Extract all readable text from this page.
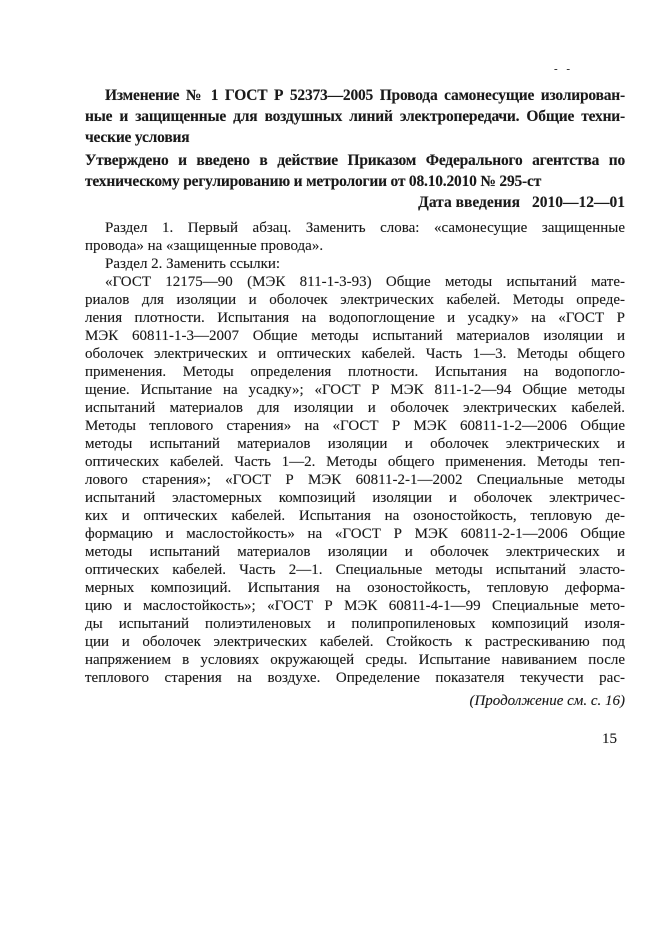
- -
Изменение № 1 ГОСТ Р 52373—2005 Провода самонесущие изолирован-
ные и защищенные для воздушных линий электропередачи. Общие техни-
ческие условия
Утверждено и введено в действие Приказом Федерального агентства по
техническому регулированию и метрологии от 08.10.2010 № 295-ст
Дата введения 2010—12—01
Раздел 1. Первый абзац. Заменить слова: «самонесущие защищенные
провода» на «защищенные провода».
Раздел 2. Заменить ссылки:
«ГОСТ 12175—90 (МЭК 811-1-3-93) Общие методы испытаний мате-
риалов для изоляции и оболочек электрических кабелей. Методы опреде-
ления плотности. Испытания на водопоглощение и усадку» на «ГОСТ Р
МЭК 60811-1-3—2007 Общие методы испытаний материалов изоляции и
оболочек электрических и оптических кабелей. Часть 1—3. Методы общего
применения. Методы определения плотности. Испытания на водопогло-
щение. Испытание на усадку»; «ГОСТ Р МЭК 811-1-2—94 Общие методы
испытаний материалов для изоляции и оболочек электрических кабелей.
Методы теплового старения» на «ГОСТ Р МЭК 60811-1-2—2006 Общие
методы испытаний материалов изоляции и оболочек электрических и
оптических кабелей. Часть 1—2. Методы общего применения. Методы теп-
лового старения»; «ГОСТ Р МЭК 60811-2-1—2002 Специальные методы
испытаний эластомерных композиций изоляции и оболочек электричес-
ких и оптических кабелей. Испытания на озоностойкость, тепловую де-
формацию и маслостойкость» на «ГОСТ Р МЭК 60811-2-1—2006 Общие
методы испытаний материалов изоляции и оболочек электрических и
оптических кабелей. Часть 2—1. Специальные методы испытаний эласто-
мерных композиций. Испытания на озоностойкость, тепловую деформа-
цию и маслостойкость»; «ГОСТ Р МЭК 60811-4-1—99 Специальные мето-
ды испытаний полиэтиленовых и полипропиленовых композиций изоля-
ции и оболочек электрических кабелей. Стойкость к растрескиванию под
напряжением в условиях окружающей среды. Испытание навиванием после
теплового старения на воздухе. Определение показателя текучести рас-
(Продолжение см. с. 16)
15
